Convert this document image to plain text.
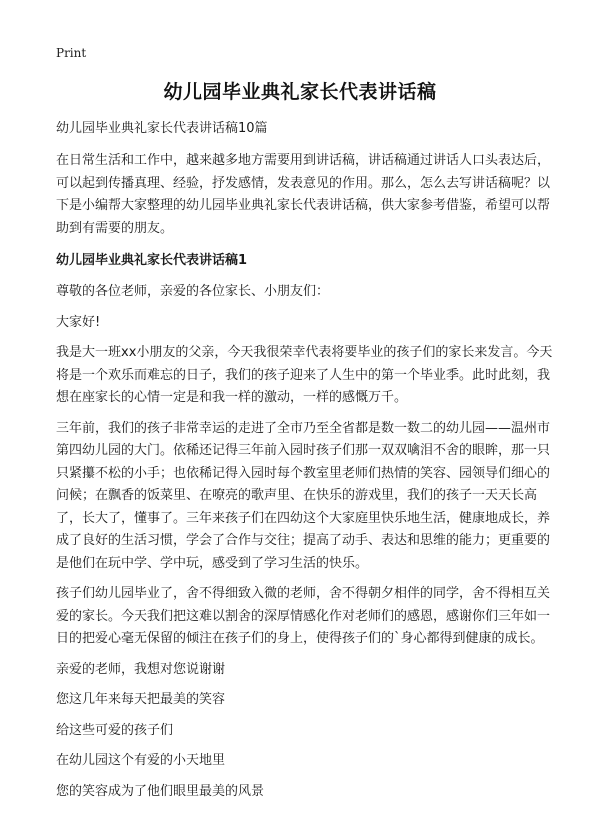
Print
幼儿园毕业典礼家长代表讲话稿
幼儿园毕业典礼家长代表讲话稿10篇

在日常生活和工作中，越来越多地方需要用到讲话稿，讲话稿通过讲话人口头表达后，可以起到传播真理、经验，抒发感情，发表意见的作用。那么，怎么去写讲话稿呢？以下是小编帮大家整理的幼儿园毕业典礼家长代表讲话稿，供大家参考借鉴，希望可以帮助到有需要的朋友。

幼儿园毕业典礼家长代表讲话稿1

尊敬的各位老师，亲爱的各位家长、小朋友们：

大家好!

我是大一班xx小朋友的父亲，今天我很荣幸代表将要毕业的孩子们的家长来发言。今天将是一个欢乐而难忘的日子，我们的孩子迎来了人生中的第一个毕业季。此时此刻，我想在座家长的心情一定是和我一样的激动，一样的感慨万千。

三年前，我们的孩子非常幸运的走进了全市乃至全省都是数一数二的幼儿园——温州市第四幼儿园的大门。依稀还记得三年前入园时孩子们那一双双噙泪不舍的眼眸，那一只只紧攥不松的小手；也依稀记得入园时每个教室里老师们热情的笑容、园领导们细心的问候；在飘香的饭菜里、在嘹亮的歌声里、在快乐的游戏里，我们的孩子一天天长高了，长大了，懂事了。三年来孩子们在四幼这个大家庭里快乐地生活，健康地成长，养成了良好的生活习惯，学会了合作与交往；提高了动手、表达和思维的能力；更重要的是他们在玩中学、学中玩，感受到了学习生活的快乐。

孩子们幼儿园毕业了，舍不得细致入微的老师，舍不得朝夕相伴的同学，舍不得相互关爱的家长。今天我们把这难以割舍的深厚情感化作对老师们的感恩，感谢你们三年如一日的把爱心毫无保留的倾注在孩子们的身上，使得孩子们的`身心都得到健康的成长。

亲爱的老师，我想对您说谢谢
您这几年来每天把最美的笑容
给这些可爱的孩子们
在幼儿园这个有爱的小天地里
您的笑容成为了他们眼里最美的风景
